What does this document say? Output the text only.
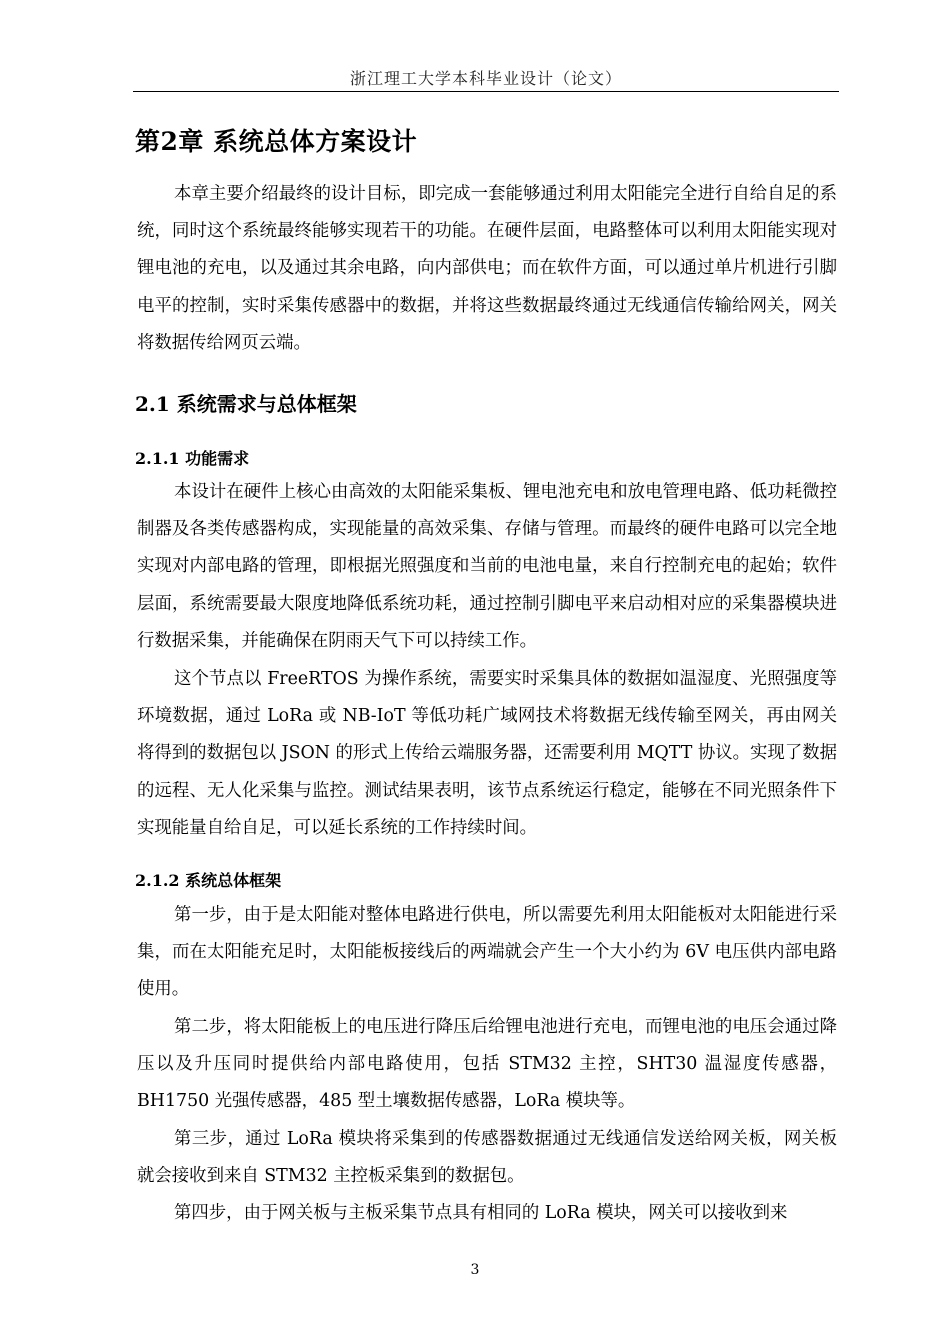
浙江理工大学本科毕业设计（论文）
第2章 系统总体方案设计

本章主要介绍最终的设计目标，即完成一套能够通过利用太阳能完全进行自给自足的系统，同时这个系统最终能够实现若干的功能。在硬件层面，电路整体可以利用太阳能实现对锂电池的充电，以及通过其余电路，向内部供电；而在软件方面，可以通过单片机进行引脚电平的控制，实时采集传感器中的数据，并将这些数据最终通过无线通信传输给网关，网关将数据传给网页云端。

2.1 系统需求与总体框架
2.1.1 功能需求

本设计在硬件上核心由高效的太阳能采集板、锂电池充电和放电管理电路、低功耗微控制器及各类传感器构成，实现能量的高效采集、存储与管理。而最终的硬件电路可以完全地实现对内部电路的管理，即根据光照强度和当前的电池电量，来自行控制充电的起始；软件层面，系统需要最大限度地降低系统功耗，通过控制引脚电平来启动相对应的采集器模块进行数据采集，并能确保在阴雨天气下可以持续工作。

这个节点以 FreeRTOS 为操作系统，需要实时采集具体的数据如温湿度、光照强度等环境数据，通过 LoRa 或 NB-IoT 等低功耗广域网技术将数据无线传输至网关，再由网关将得到的数据包以 JSON 的形式上传给云端服务器，还需要利用 MQTT 协议。实现了数据的远程、无人化采集与监控。测试结果表明，该节点系统运行稳定，能够在不同光照条件下实现能量自给自足，可以延长系统的工作持续时间。

2.1.2 系统总体框架

第一步，由于是太阳能对整体电路进行供电，所以需要先利用太阳能板对太阳能进行采集，而在太阳能充足时，太阳能板接线后的两端就会产生一个大小约为 6V 电压供内部电路使用。

第二步，将太阳能板上的电压进行降压后给锂电池进行充电，而锂电池的电压会通过降压以及升压同时提供给内部电路使用，包括 STM32 主控，SHT30 温湿度传感器，BH1750 光强传感器，485 型土壤数据传感器，LoRa 模块等。

第三步，通过 LoRa 模块将采集到的传感器数据通过无线通信发送给网关板，网关板就会接收到来自 STM32 主控板采集到的数据包。

第四步，由于网关板与主板采集节点具有相同的 LoRa 模块，网关可以接收到来

3
